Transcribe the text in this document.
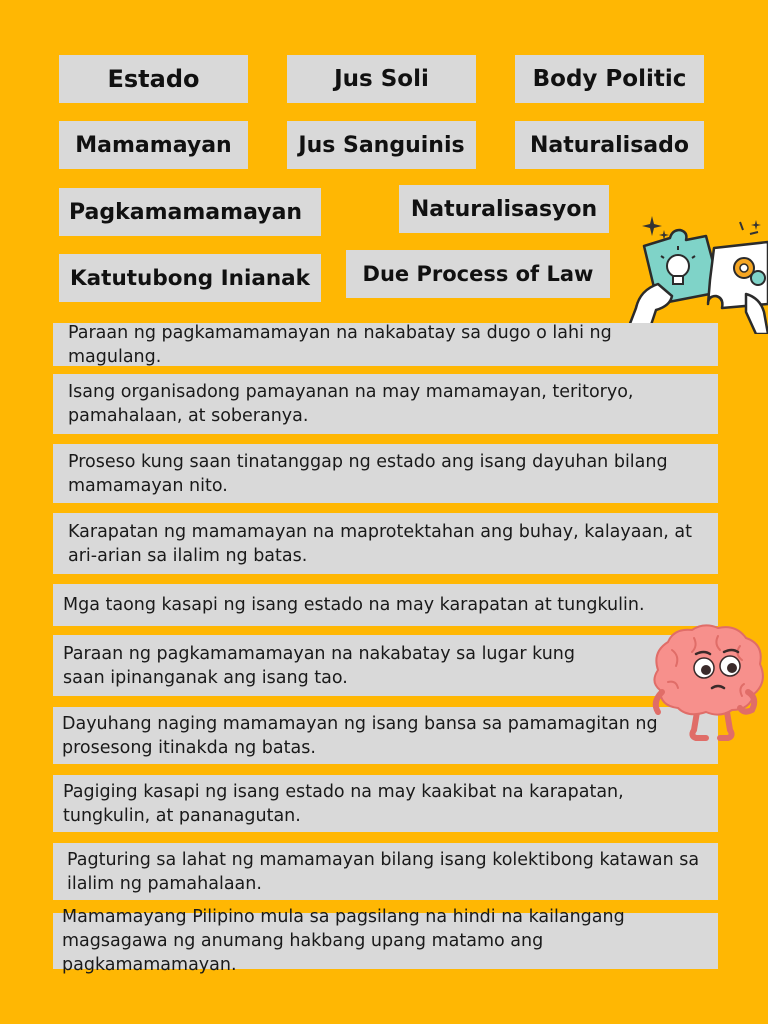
Estado	Jus Soli	Body Politic
Mamamayan	Jus Sanguinis	Naturalisado
Pagkamamamayan	Naturalisasyon
Katutubong Inianak	Due Process of Law
Paraan ng pagkamamamayan na nakabatay sa dugo o lahi ng magulang.
Isang organisadong pamayanan na may mamamayan, teritoryo, pamahalaan, at soberanya.
Proseso kung saan tinatanggap ng estado ang isang dayuhan bilang mamamayan nito.
Karapatan ng mamamayan na maprotektahan ang buhay, kalayaan, at ari-arian sa ilalim ng batas.
Mga taong kasapi ng isang estado na may karapatan at tungkulin.
Paraan ng pagkamamamayan na nakabatay sa lugar kung saan ipinanganak ang isang tao.
Dayuhang naging mamamayan ng isang bansa sa pamamagitan ng prosesong itinakda ng batas.
Pagiging kasapi ng isang estado na may kaakibat na karapatan, tungkulin, at pananagutan.
Pagturing sa lahat ng mamamayan bilang isang kolektibong katawan sa ilalim ng pamahalaan.
Mamamayang Pilipino mula sa pagsilang na hindi na kailangang magsagawa ng anumang hakbang upang matamo ang pagkamamamayan.
